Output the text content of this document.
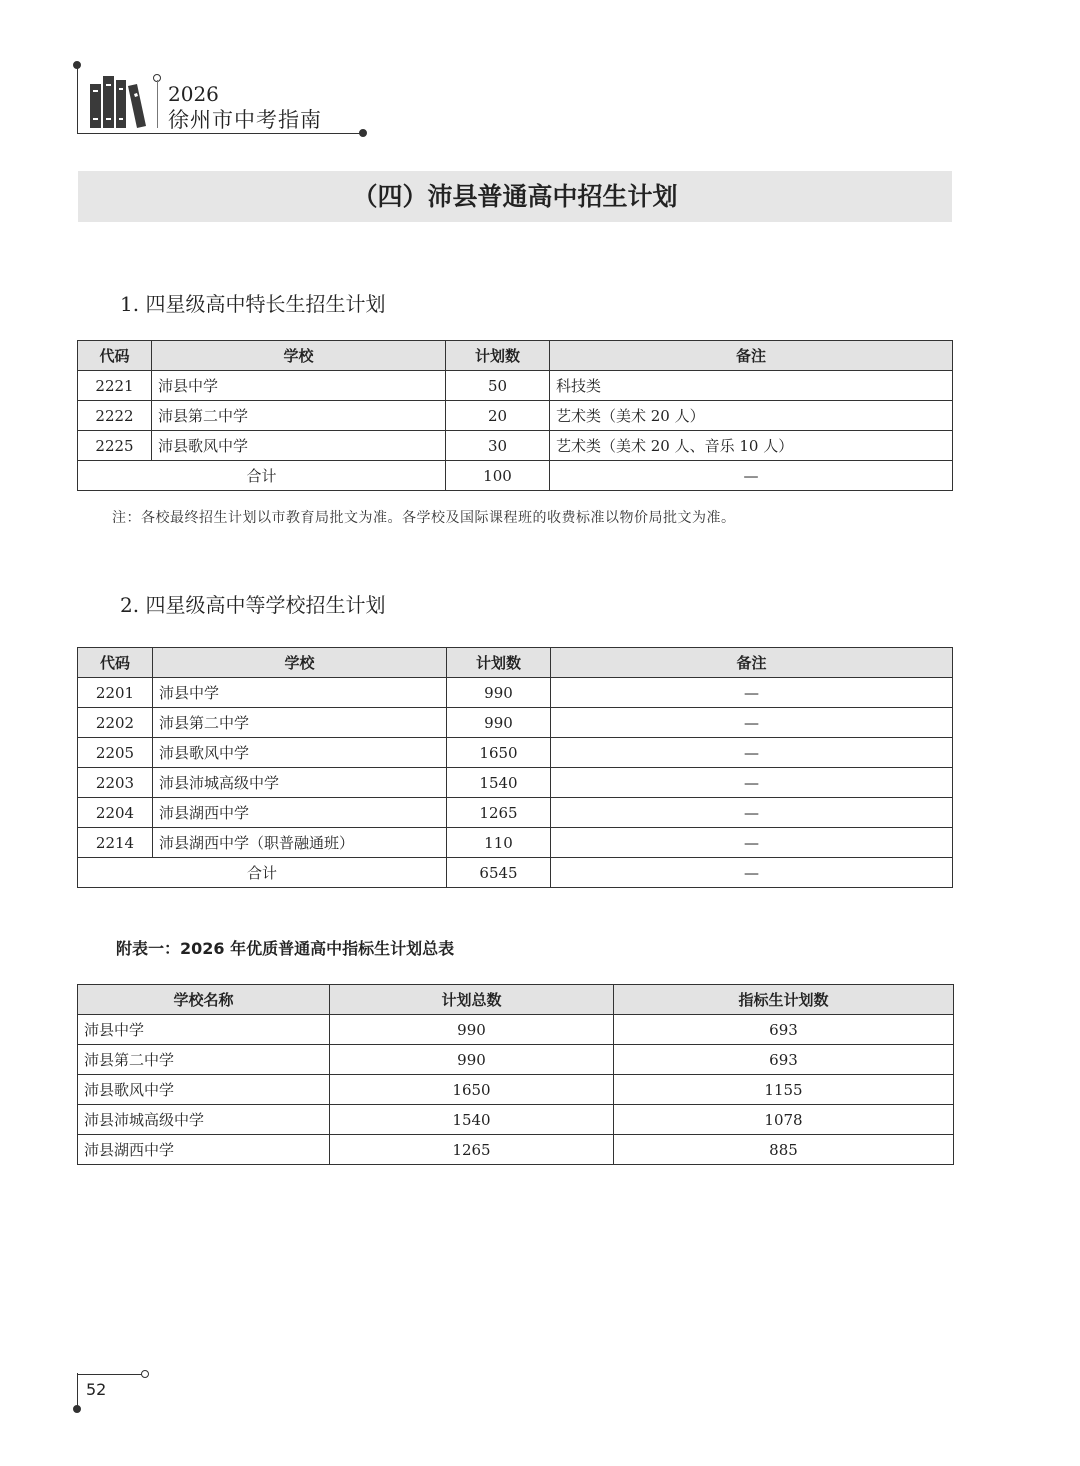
2026
徐州市中考指南
（四）沛县普通高中招生计划
1. 四星级高中特长生招生计划
代码	学校	计划数	备注
2221	沛县中学	50	科技类
2222	沛县第二中学	20	艺术类（美术 20 人）
2225	沛县歌风中学	30	艺术类（美术 20 人、音乐 10 人）
合计		100	—
注：各校最终招生计划以市教育局批文为准。各学校及国际课程班的收费标准以物价局批文为准。
2. 四星级高中等学校招生计划
代码	学校	计划数	备注
2201	沛县中学	990	—
2202	沛县第二中学	990	—
2205	沛县歌风中学	1650	—
2203	沛县沛城高级中学	1540	—
2204	沛县湖西中学	1265	—
2214	沛县湖西中学（职普融通班）	110	—
合计		6545	—
附表一：2026 年优质普通高中指标生计划总表
学校名称	计划总数	指标生计划数
沛县中学	990	693
沛县第二中学	990	693
沛县歌风中学	1650	1155
沛县沛城高级中学	1540	1078
沛县湖西中学	1265	885
52
